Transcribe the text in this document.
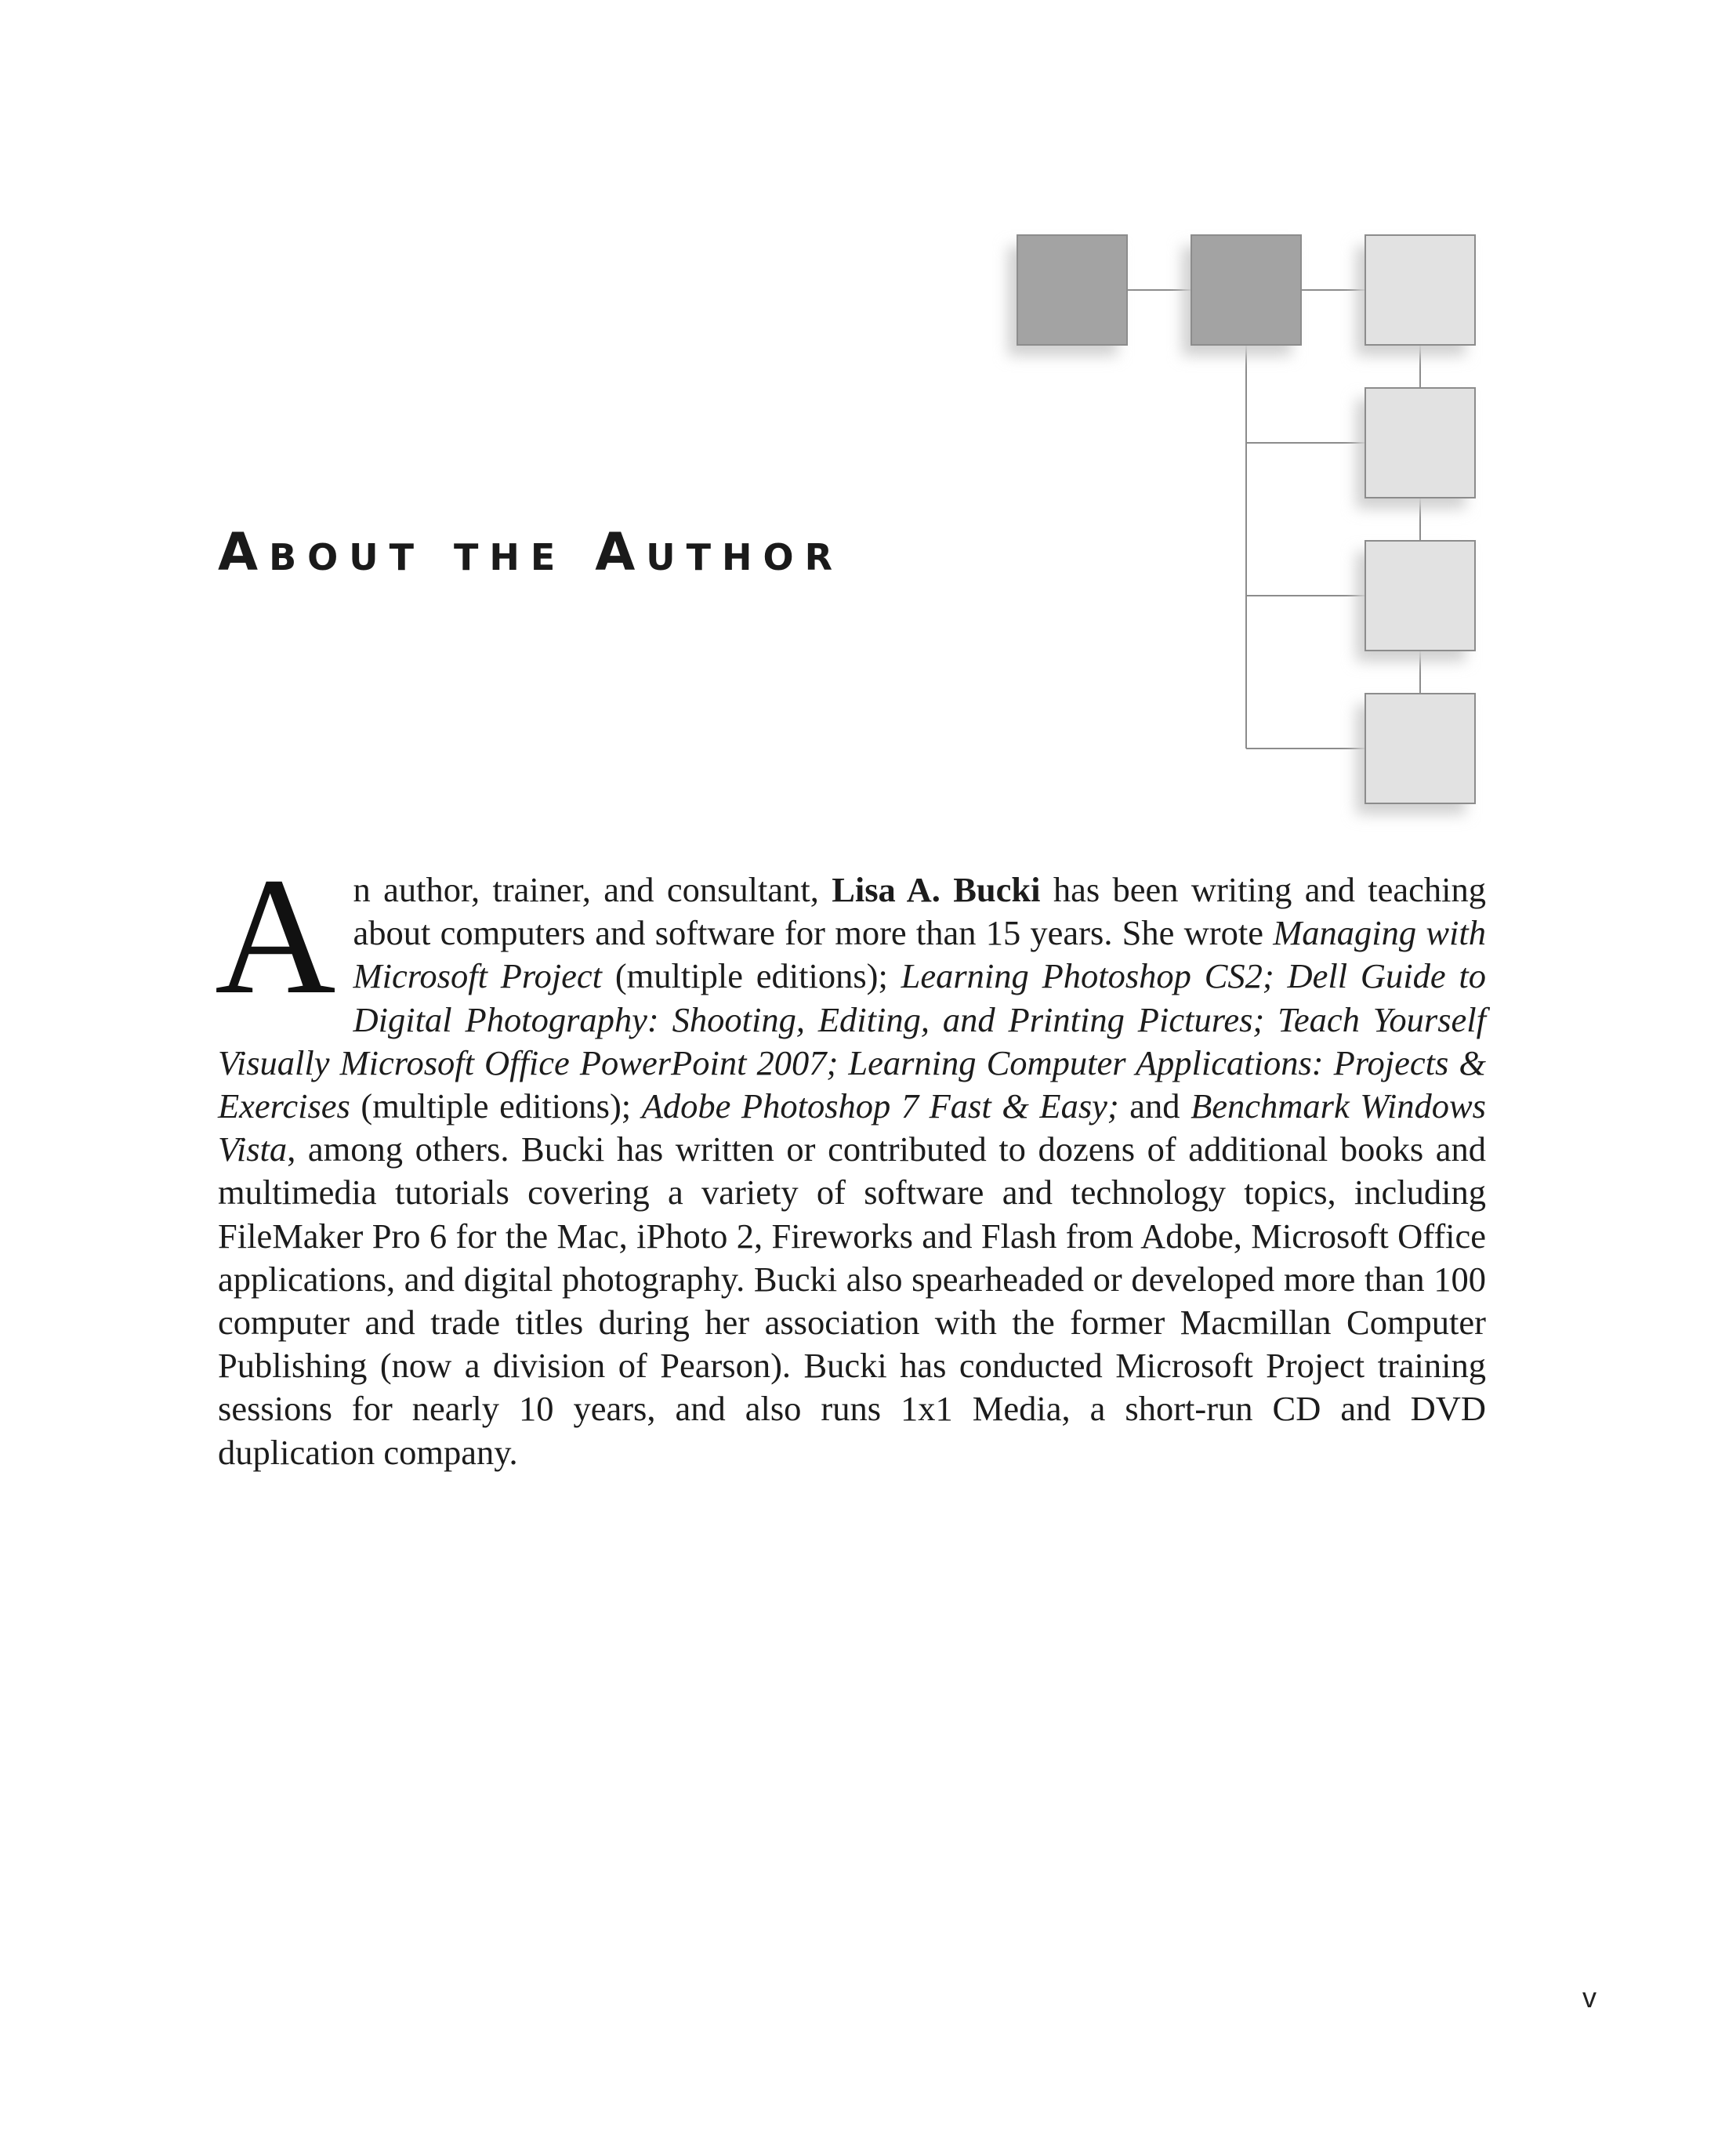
About the Author

An author, trainer, and consultant, Lisa A. Bucki has been writing and teaching about computers and software for more than 15 years. She wrote Managing with Microsoft Project (multiple editions); Learning Photoshop CS2; Dell Guide to Digital Photography: Shooting, Editing, and Printing Pictures; Teach Yourself Visually Microsoft Office PowerPoint 2007; Learning Computer Applications: Projects & Exercises (multiple editions); Adobe Photoshop 7 Fast & Easy; and Benchmark Windows Vista, among others. Bucki has written or contributed to dozens of additional books and multimedia tutorials covering a variety of software and technology topics, including FileMaker Pro 6 for the Mac, iPhoto 2, Fireworks and Flash from Adobe, Microsoft Office applications, and digital photography. Bucki also spearheaded or developed more than 100 computer and trade titles during her association with the former Macmillan Computer Publishing (now a division of Pearson). Bucki has conducted Microsoft Project training sessions for nearly 10 years, and also runs 1x1 Media, a short-run CD and DVD duplication company.

v
